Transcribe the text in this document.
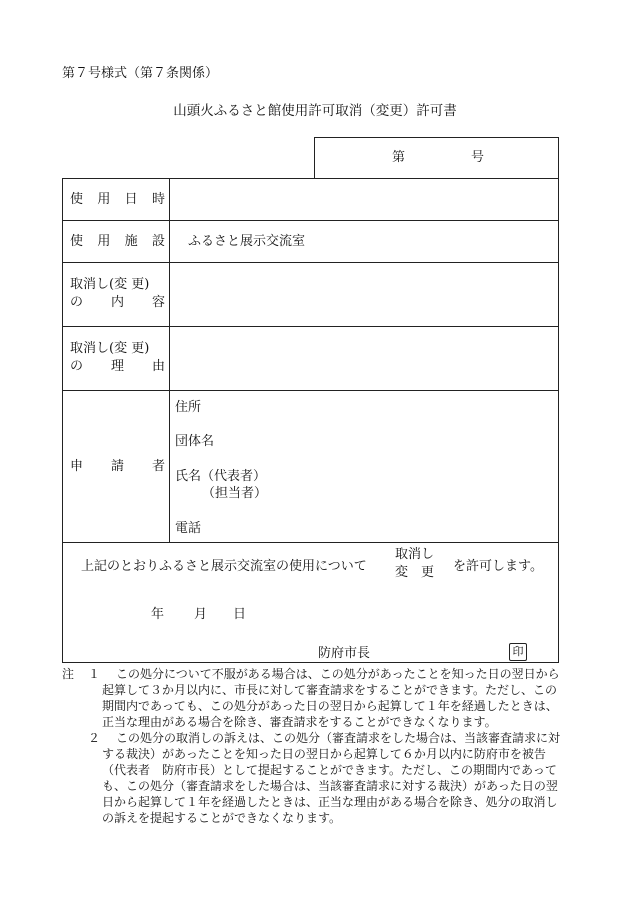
第７号様式（第７条関係）
山頭火ふるさと館使用許可取消（変更）許可書
第	号
使 用 日 時
使 用 施 設 ふるさと展示交流室
取消し(変 更)
の 内 容
取消し(変 更)
の 理 由
申 請 者
住所
団体名
氏名（代表者）
（担当者）
電話
上記のとおりふるさと展示交流室の使用について
取消し
変　更 を許可します。
年 月 日
防府市長	印
注 １	この処分について不服がある場合は、この処分があったことを知った日の翌日から起算して３か月以内に、市長に対して審査請求をすることができます。ただし、この期間内であっても、この処分があった日の翌日から起算して１年を経過したときは、正当な理由がある場合を除き、審査請求をすることができなくなります。
２	この処分の取消しの訴えは、この処分（審査請求をした場合は、当該審査請求に対する裁決）があったことを知った日の翌日から起算して６か月以内に防府市を被告（代表者　防府市長）として提起することができます。ただし、この期間内であっても、この処分（審査請求をした場合は、当該審査請求に対する裁決）があった日の翌日から起算して１年を経過したときは、正当な理由がある場合を除き、処分の取消しの訴えを提起することができなくなります。
